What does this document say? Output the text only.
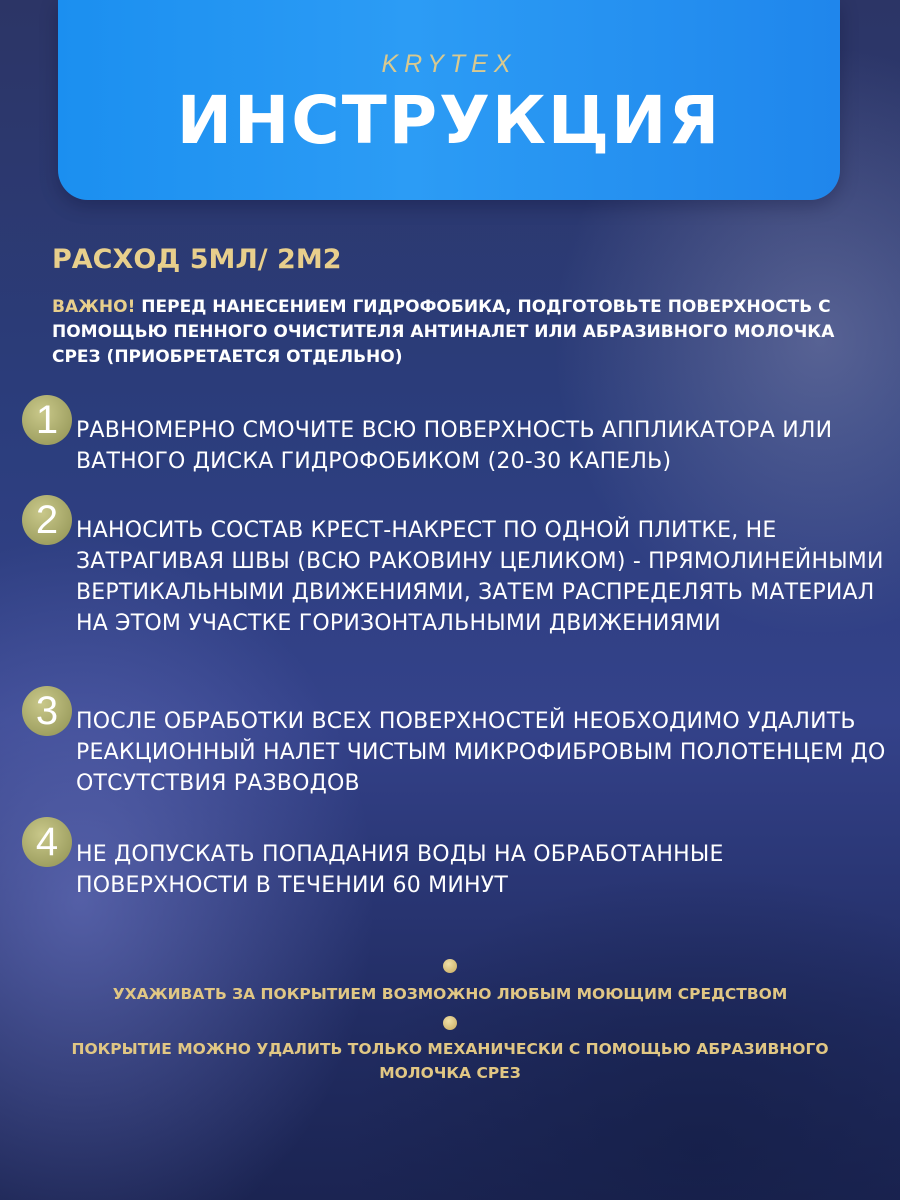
KRYTEX
ИНСТРУКЦИЯ
РАСХОД 5МЛ/ 2М2
ВАЖНО! ПЕРЕД НАНЕСЕНИЕМ ГИДРОФОБИКА, ПОДГОТОВЬТЕ ПОВЕРХНОСТЬ С ПОМОЩЬЮ ПЕННОГО ОЧИСТИТЕЛЯ АНТИНАЛЕТ ИЛИ АБРАЗИВНОГО МОЛОЧКА СРЕЗ (ПРИОБРЕТАЕТСЯ ОТДЕЛЬНО)
1 РАВНОМЕРНО СМОЧИТЕ ВСЮ ПОВЕРХНОСТЬ АППЛИКАТОРА ИЛИ ВАТНОГО ДИСКА ГИДРОФОБИКОМ (20-30 КАПЕЛЬ)
2 НАНОСИТЬ СОСТАВ КРЕСТ-НАКРЕСТ ПО ОДНОЙ ПЛИТКЕ, НЕ ЗАТРАГИВАЯ ШВЫ (ВСЮ РАКОВИНУ ЦЕЛИКОМ) - ПРЯМОЛИНЕЙНЫМИ ВЕРТИКАЛЬНЫМИ ДВИЖЕНИЯМИ, ЗАТЕМ РАСПРЕДЕЛЯТЬ МАТЕРИАЛ НА ЭТОМ УЧАСТКЕ ГОРИЗОНТАЛЬНЫМИ ДВИЖЕНИЯМИ
3 ПОСЛЕ ОБРАБОТКИ ВСЕХ ПОВЕРХНОСТЕЙ НЕОБХОДИМО УДАЛИТЬ РЕАКЦИОННЫЙ НАЛЕТ ЧИСТЫМ МИКРОФИБРОВЫМ ПОЛОТЕНЦЕМ ДО ОТСУТСТВИЯ РАЗВОДОВ
4 НЕ ДОПУСКАТЬ ПОПАДАНИЯ ВОДЫ НА ОБРАБОТАННЫЕ ПОВЕРХНОСТИ В ТЕЧЕНИИ 60 МИНУТ
УХАЖИВАТЬ ЗА ПОКРЫТИЕМ ВОЗМОЖНО ЛЮБЫМ МОЮЩИМ СРЕДСТВОМ
ПОКРЫТИЕ МОЖНО УДАЛИТЬ ТОЛЬКО МЕХАНИЧЕСКИ С ПОМОЩЬЮ АБРАЗИВНОГО МОЛОЧКА СРЕЗ
